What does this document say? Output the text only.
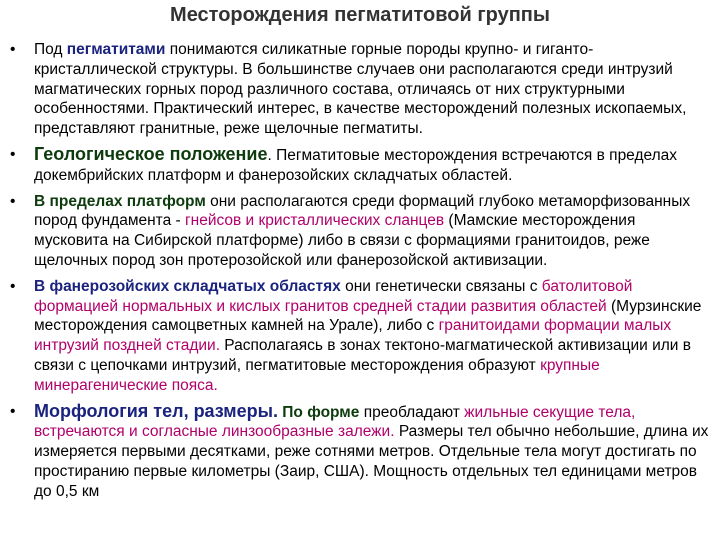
Месторождения пегматитовой группы
• Под пегматитами понимаются силикатные горные породы крупно- и гиганто-кристаллической структуры. В большинстве случаев они располагаются среди интрузий магматических горных пород различного состава, отличаясь от них структурными особенностями. Практический интерес, в качестве месторождений полезных ископаемых, представляют гранитные, реже щелочные пегматиты.
• Геологическое положение. Пегматитовые месторождения встречаются в пределах докембрийских платформ и фанерозойских складчатых областей.
• В пределах платформ они располагаются среди формаций глубоко метаморфизованных пород фундамента - гнейсов и кристаллических сланцев (Мамские месторождения мусковита на Сибирской платформе) либо в связи с формациями гранитоидов, реже щелочных пород зон протерозойской или фанерозойской активизации.
• В фанерозойских складчатых областях они генетически связаны с батолитовой формацией нормальных и кислых гранитов средней стадии развития областей (Мурзинские месторождения самоцветных камней на Урале), либо с гранитоидами формации малых интрузий поздней стадии. Располагаясь в зонах тектоно-магматической активизации или в связи с цепочками интрузий, пегматитовые месторождения образуют крупные минерагенические пояса.
• Морфология тел, размеры. По форме преобладают жильные секущие тела, встречаются и согласные линзообразные залежи. Размеры тел обычно небольшие, длина их измеряется первыми десятками, реже сотнями метров. Отдельные тела могут достигать по простиранию первые километры (Заир, США). Мощность отдельных тел единицами метров до 0,5 км
